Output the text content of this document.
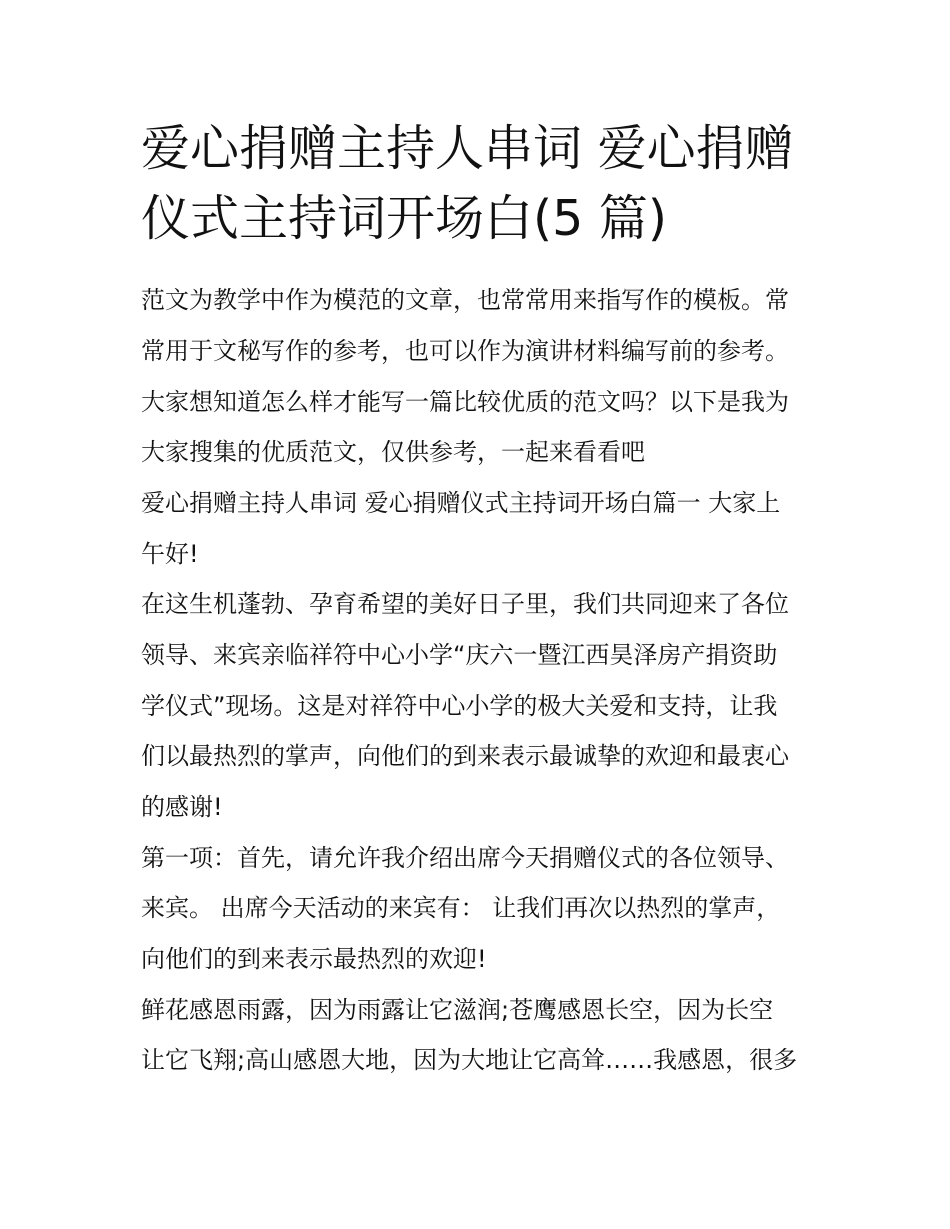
爱心捐赠主持人串词 爱心捐赠
仪式主持词开场白(5 篇)
范文为教学中作为模范的文章，也常常用来指写作的模板。常
常用于文秘写作的参考，也可以作为演讲材料编写前的参考。
大家想知道怎么样才能写一篇比较优质的范文吗？以下是我为
大家搜集的优质范文，仅供参考，一起来看看吧
爱心捐赠主持人串词 爱心捐赠仪式主持词开场白篇一 大家上
午好!
在这生机蓬勃、孕育希望的美好日子里，我们共同迎来了各位
领导、来宾亲临祥符中心小学“庆六一暨江西昊泽房产捐资助
学仪式”现场。这是对祥符中心小学的极大关爱和支持，让我
们以最热烈的掌声，向他们的到来表示最诚挚的欢迎和最衷心
的感谢!
第一项：首先，请允许我介绍出席今天捐赠仪式的各位领导、
来宾。 出席今天活动的来宾有： 让我们再次以热烈的掌声，
向他们的到来表示最热烈的欢迎!
鲜花感恩雨露，因为雨露让它滋润;苍鹰感恩长空，因为长空
让它飞翔;高山感恩大地，因为大地让它高耸……我感恩，很多
